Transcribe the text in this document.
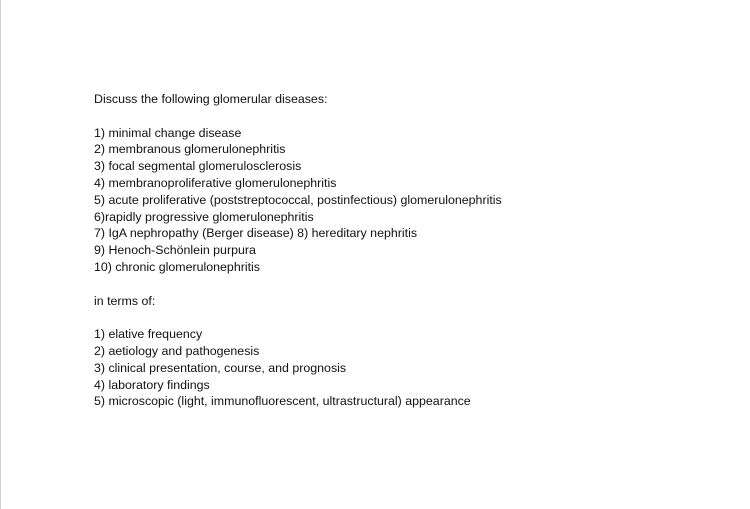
Discuss the following glomerular diseases:
1) minimal change disease
2) membranous glomerulonephritis
3) focal segmental glomerulosclerosis
4) membranoproliferative glomerulonephritis
5) acute proliferative (poststreptococcal, postinfectious) glomerulonephritis
6)rapidly progressive glomerulonephritis
7) IgA nephropathy (Berger disease) 8) hereditary nephritis
9) Henoch-Schönlein purpura
10) chronic glomerulonephritis
in terms of:
1) elative frequency
2) aetiology and pathogenesis
3) clinical presentation, course, and prognosis
4) laboratory findings
5) microscopic (light, immunofluorescent, ultrastructural) appearance
